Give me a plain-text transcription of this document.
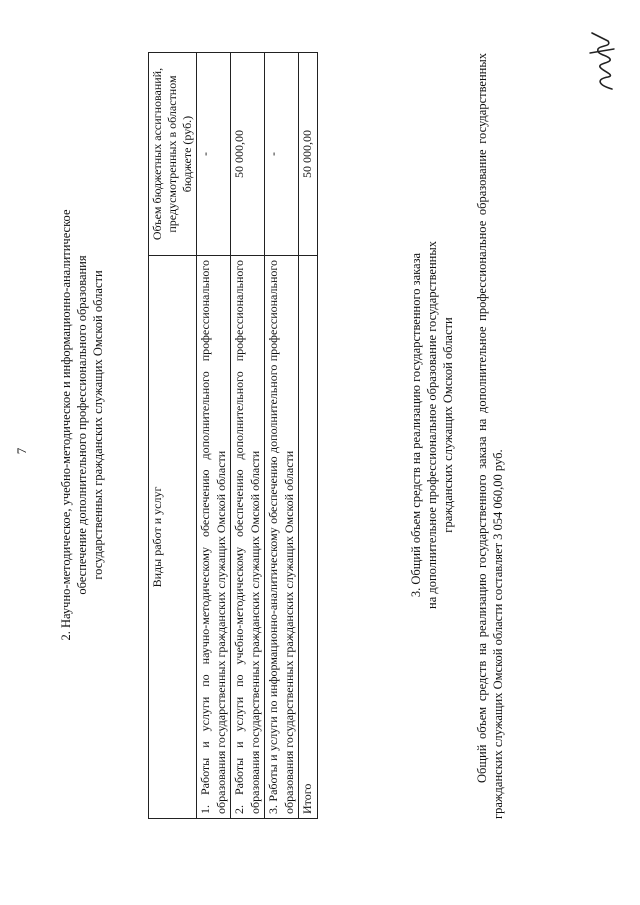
7 2. Научно-методическое, учебно-методическое и информационно-аналитическое обеспечение дополнительного профессионального образования государственных гражданских служащих Омской области	Виды работ и услуг	Объем бюджетных ассигнований, предусмотренных в областном бюджете (руб.)
1. Работы и услуги по научно-методическому обеспечению дополнительного профессионального образования государственных гражданских служащих Омской области	-
2. Работы и услуги по учебно-методическому обеспечению дополнительного профессионального образования государственных гражданских служащих Омской области	50 000,00
3. Работы и услуги по информационно-аналитическому обеспечению дополнительного профессионального образования государственных гражданских служащих Омской области	-
Итого	50 000,00
3. Общий объем средств на реализацию государственного заказа на дополнительное профессиональное образование государственных гражданских служащих Омской области Общий объем средств на реализацию государственного заказа на дополнительное профессиональное образование государственных гражданских служащих Омской области составляет 3 054 060,00 руб.
